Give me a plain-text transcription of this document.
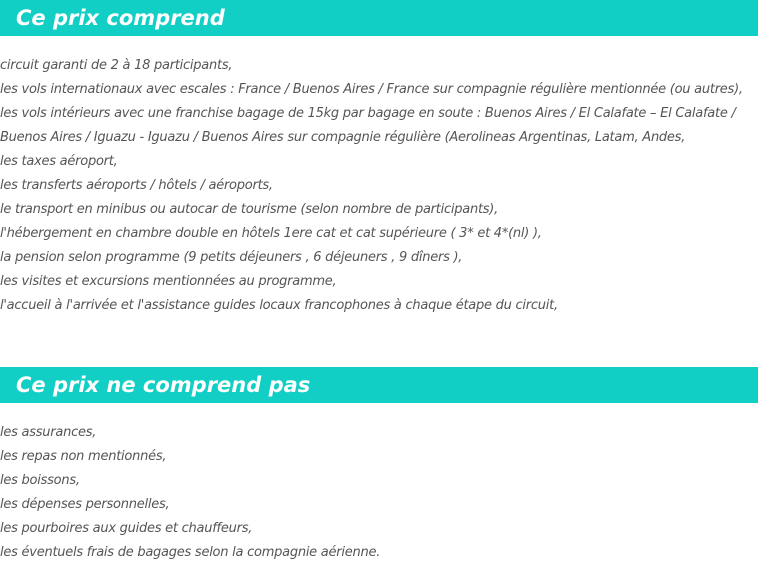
Ce prix comprend
circuit garanti de 2 à 18 participants,
les vols internationaux avec escales : France / Buenos Aires / France sur compagnie régulière mentionnée (ou autres),
les vols intérieurs avec une franchise bagage de 15kg par bagage en soute : Buenos Aires / El Calafate – El Calafate /
Buenos Aires / Iguazu - Iguazu / Buenos Aires sur compagnie régulière (Aerolineas Argentinas, Latam, Andes,
les taxes aéroport,
les transferts aéroports / hôtels / aéroports,
le transport en minibus ou autocar de tourisme (selon nombre de participants),
l'hébergement en chambre double en hôtels 1ere cat et cat supérieure ( 3* et 4*(nl) ),
la pension selon programme (9 petits déjeuners , 6 déjeuners , 9 dîners ),
les visites et excursions mentionnées au programme,
l'accueil à l'arrivée et l'assistance guides locaux francophones à chaque étape du circuit,
Ce prix ne comprend pas
les assurances,
les repas non mentionnés,
les boissons,
les dépenses personnelles,
les pourboires aux guides et chauffeurs,
les éventuels frais de bagages selon la compagnie aérienne.
